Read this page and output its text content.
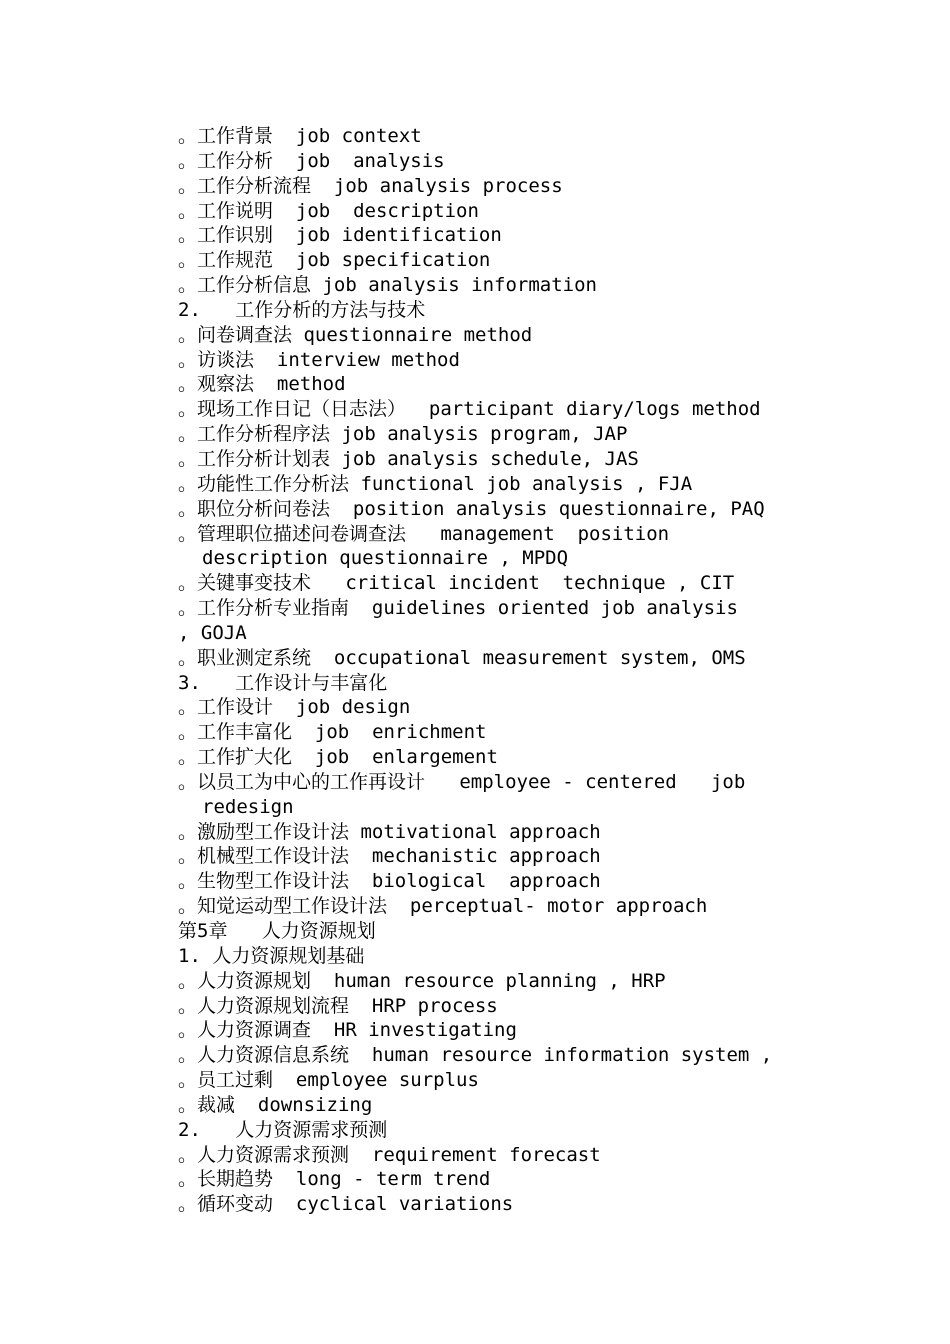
。工作背景  job context
。工作分析  job  analysis
。工作分析流程  job analysis process
。工作说明  job  description
。工作识别  job identification
。工作规范  job specification
。工作分析信息 job analysis information
2.   工作分析的方法与技术
。问卷调查法 questionnaire method
。访谈法  interview method
。观察法  method
。现场工作日记（日志法）  participant diary/logs method
。工作分析程序法 job analysis program, JAP
。工作分析计划表 job analysis schedule, JAS
。功能性工作分析法 functional job analysis , FJA
。职位分析问卷法  position analysis questionnaire, PAQ
。管理职位描述问卷调查法   management  position
description questionnaire , MPDQ
。关键事变技术   critical incident  technique , CIT
。工作分析专业指南  guidelines oriented job analysis
, GOJA
。职业测定系统  occupational measurement system, OMS
3.   工作设计与丰富化
。工作设计  job design
。工作丰富化  job  enrichment
。工作扩大化  job  enlargement
。以员工为中心的工作再设计   employee - centered   job
redesign
。激励型工作设计法 motivational approach
。机械型工作设计法  mechanistic approach
。生物型工作设计法  biological  approach
。知觉运动型工作设计法  perceptual- motor approach
第5章   人力资源规划
1. 人力资源规划基础
。人力资源规划  human resource planning , HRP
。人力资源规划流程  HRP process
。人力资源调查  HR investigating
。人力资源信息系统  human resource information system ,
。员工过剩  employee surplus
。裁减  downsizing
2.   人力资源需求预测
。人力资源需求预测  requirement forecast
。长期趋势  long - term trend
。循环变动  cyclical variations
